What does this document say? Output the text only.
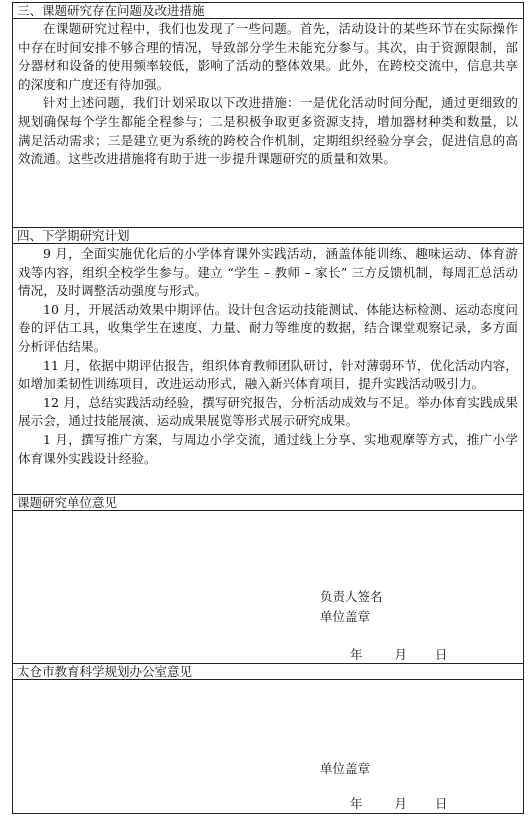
三、课题研究存在问题及改进措施

在课题研究过程中，我们也发现了一些问题。首先，活动设计的某些环节在实际操作中存在时间安排不够合理的情况，导致部分学生未能充分参与。其次，由于资源限制，部分器材和设备的使用频率较低，影响了活动的整体效果。此外，在跨校交流中，信息共享的深度和广度还有待加强。

针对上述问题，我们计划采取以下改进措施：一是优化活动时间分配，通过更细致的规划确保每个学生都能全程参与；二是积极争取更多资源支持，增加器材种类和数量，以满足活动需求；三是建立更为系统的跨校合作机制，定期组织经验分享会，促进信息的高效流通。这些改进措施将有助于进一步提升课题研究的质量和效果。

四、下学期研究计划

9 月，全面实施优化后的小学体育课外实践活动，涵盖体能训练、趣味运动、体育游戏等内容，组织全校学生参与。建立 “学生 – 教师 – 家长” 三方反馈机制，每周汇总活动情况，及时调整活动强度与形式。

10 月，开展活动效果中期评估。设计包含运动技能测试、体能达标检测、运动态度问卷的评估工具，收集学生在速度、力量、耐力等维度的数据，结合课堂观察记录，多方面分析评估结果。

11 月，依据中期评估报告，组织体育教师团队研讨，针对薄弱环节，优化活动内容，如增加柔韧性训练项目，改进运动形式，融入新兴体育项目，提升实践活动吸引力。

12 月，总结实践活动经验，撰写研究报告，分析活动成效与不足。举办体育实践成果展示会，通过技能展演、运动成果展览等形式展示研究成果。

1 月，撰写推广方案，与周边小学交流，通过线上分享、实地观摩等方式，推广小学体育课外实践设计经验。

课题研究单位意见
负责人签名
单位盖章
年	月 日
太仓市教育科学规划办公室意见
单位盖章
年	月 日
